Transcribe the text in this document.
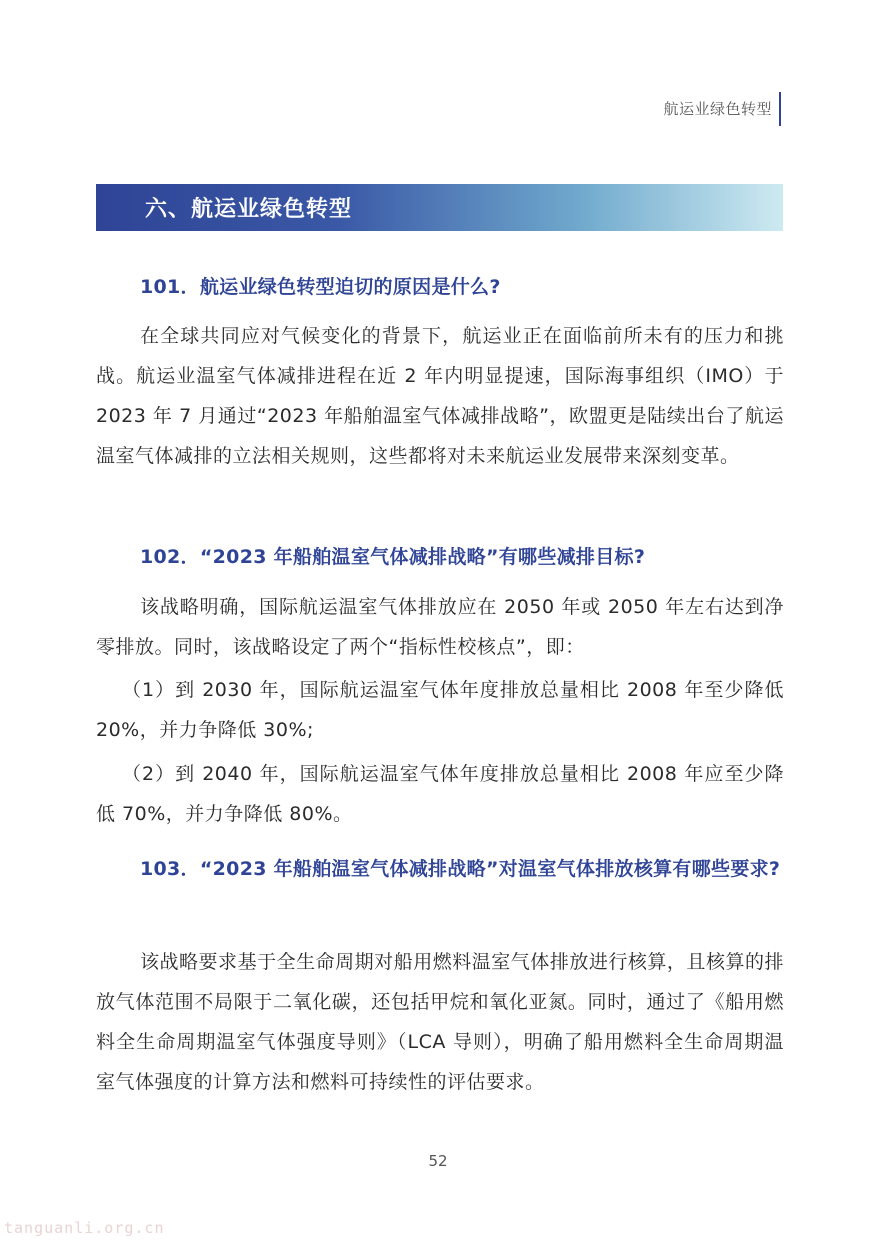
航运业绿色转型
六、航运业绿色转型
101．航运业绿色转型迫切的原因是什么?
在全球共同应对气候变化的背景下，航运业正在面临前所未有的压力和挑战。航运业温室气体减排进程在近 2 年内明显提速，国际海事组织（IMO）于 2023 年 7 月通过“2023 年船舶温室气体减排战略”，欧盟更是陆续出台了航运温室气体减排的立法相关规则，这些都将对未来航运业发展带来深刻变革。
102．“2023 年船舶温室气体减排战略”有哪些减排目标?
该战略明确，国际航运温室气体排放应在 2050 年或 2050 年左右达到净零排放。同时，该战略设定了两个“指标性校核点”，即：
（1）到 2030 年，国际航运温室气体年度排放总量相比 2008 年至少降低 20%，并力争降低 30%;
（2）到 2040 年，国际航运温室气体年度排放总量相比 2008 年应至少降低 70%，并力争降低 80%。
103．“2023 年船舶温室气体减排战略”对温室气体排放核算有哪些要求?
该战略要求基于全生命周期对船用燃料温室气体排放进行核算，且核算的排放气体范围不局限于二氧化碳，还包括甲烷和氧化亚氮。同时，通过了《船用燃料全生命周期温室气体强度导则》（LCA 导则），明确了船用燃料全生命周期温室气体强度的计算方法和燃料可持续性的评估要求。
52
tanguanli.org.cn
